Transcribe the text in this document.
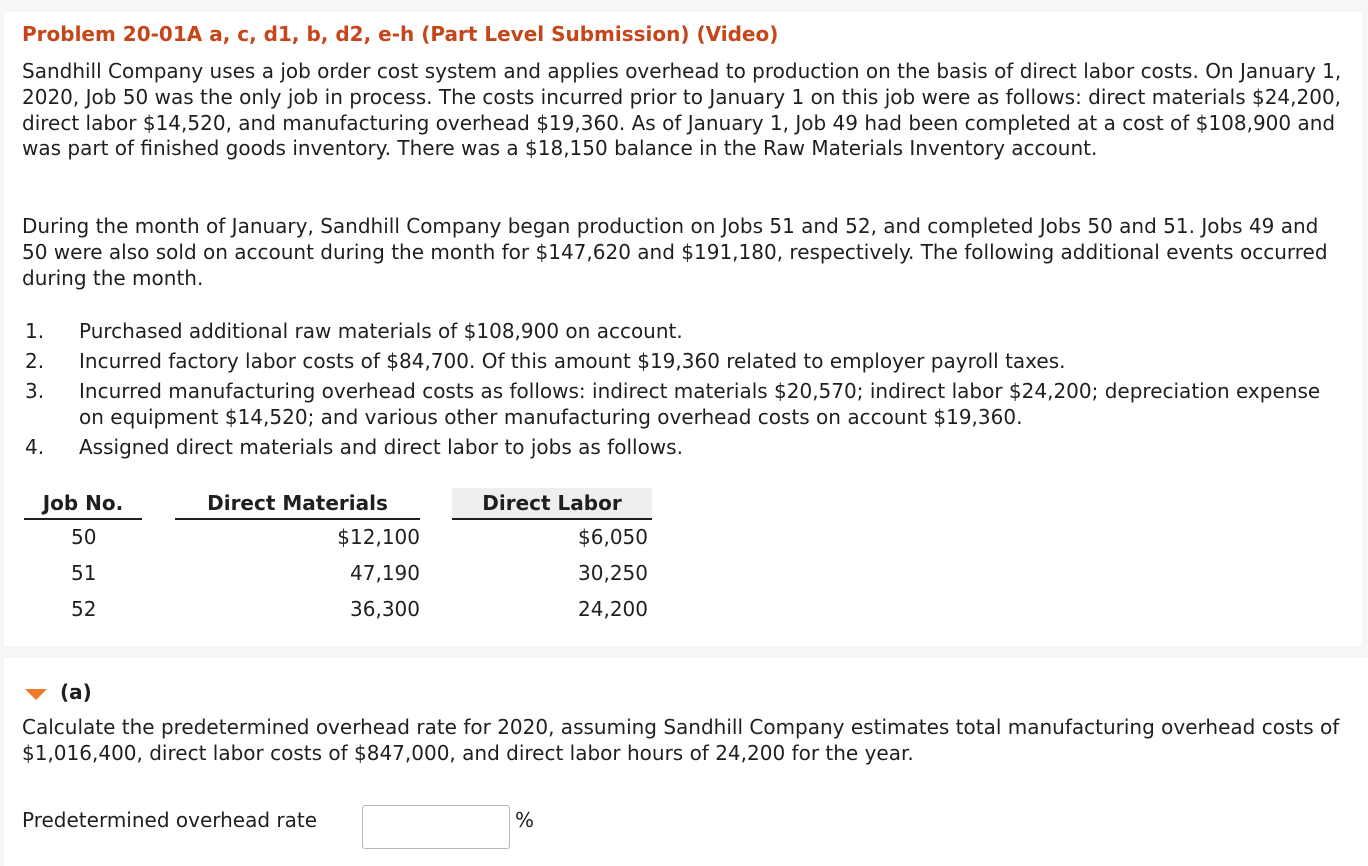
Problem 20-01A a, c, d1, b, d2, e-h (Part Level Submission) (Video)

Sandhill Company uses a job order cost system and applies overhead to production on the basis of direct labor costs. On January 1, 2020, Job 50 was the only job in process. The costs incurred prior to January 1 on this job were as follows: direct materials $24,200, direct labor $14,520, and manufacturing overhead $19,360. As of January 1, Job 49 had been completed at a cost of $108,900 and was part of finished goods inventory. There was a $18,150 balance in the Raw Materials Inventory account.

During the month of January, Sandhill Company began production on Jobs 51 and 52, and completed Jobs 50 and 51. Jobs 49 and 50 were also sold on account during the month for $147,620 and $191,180, respectively. The following additional events occurred during the month.

1. Purchased additional raw materials of $108,900 on account.
2. Incurred factory labor costs of $84,700. Of this amount $19,360 related to employer payroll taxes.
3. Incurred manufacturing overhead costs as follows: indirect materials $20,570; indirect labor $24,200; depreciation expense on equipment $14,520; and various other manufacturing overhead costs on account $19,360.
4. Assigned direct materials and direct labor to jobs as follows.
Job No.	Direct Materials	Direct Labor
50	$12,100	$6,050
51	47,190	30,250
52	36,300	24,200
(a)

Calculate the predetermined overhead rate for 2020, assuming Sandhill Company estimates total manufacturing overhead costs of $1,016,400, direct labor costs of $847,000, and direct labor hours of 24,200 for the year.

Predetermined overhead rate	%
